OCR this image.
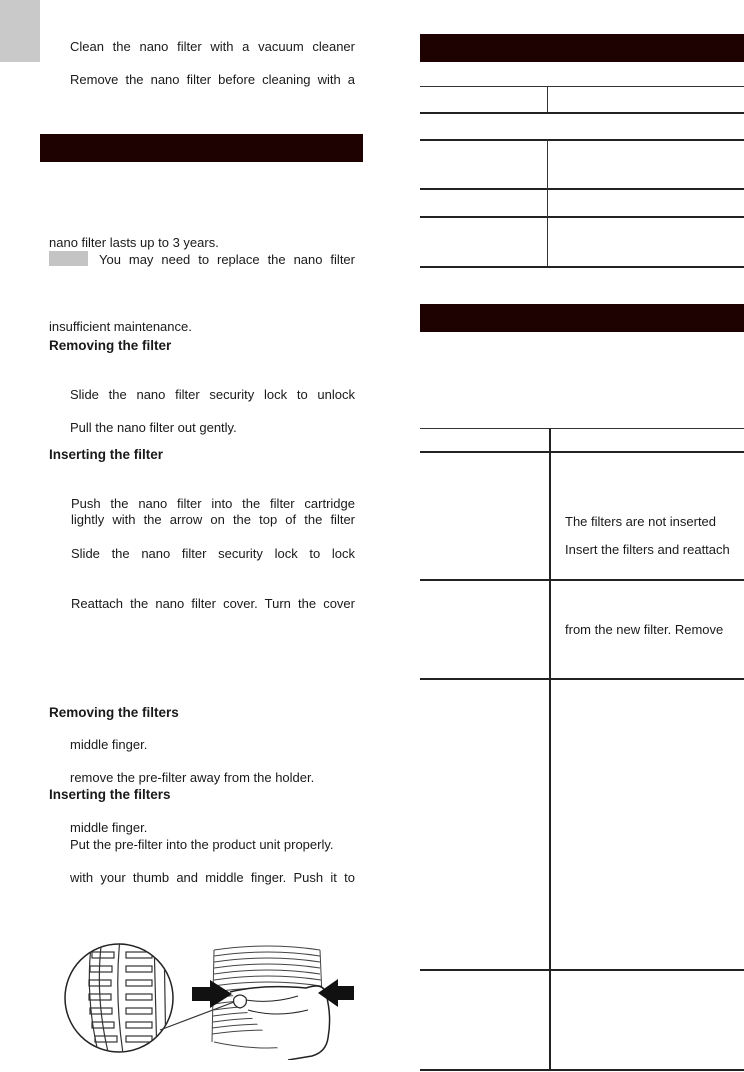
Clean the nano filter with a vacuum cleaner
Remove the nano filter before cleaning with a
nano filter lasts up to 3 years.
You may need to replace the nano filter
insufficient maintenance.
Removing the filter
Slide the nano filter security lock to unlock
Pull the nano filter out gently.
Inserting the filter
Push the nano filter into the filter cartridge
lightly with the arrow on the top of the filter
Slide the nano filter security lock to lock
Reattach the nano filter cover. Turn the cover
Removing the filters
middle finger.
remove the pre-filter away from the holder.
Inserting the filters
middle finger.
Put the pre-filter into the product unit properly.
with your thumb and middle finger. Push it to
The filters are not inserted
Insert the filters and reattach
from the new filter. Remove
